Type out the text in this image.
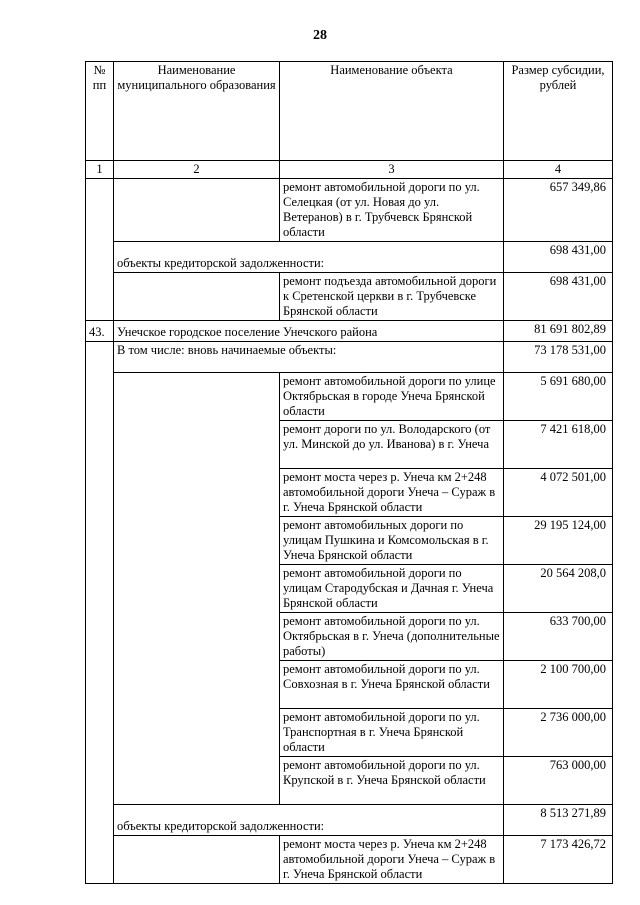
28
№ пп	Наименование муниципального образования	Наименование объекта	Размер субсидии, рублей
1	2	3	4
		ремонт автомобильной дороги по ул. Селецкая (от ул. Новая до ул. Ветеранов) в г. Трубчевск Брянской области	657 349,86
	объекты кредиторской задолженности:		698 431,00
		ремонт подъезда автомобильной дороги к Сретенской церкви в г. Трубчевске Брянской области	698 431,00
43.	Унечское городское поселение Унечского района		81 691 802,89
	В том числе: вновь начинаемые объекты:		73 178 531,00
		ремонт автомобильной дороги по улице Октябрьская в городе Унеча Брянской области	5 691 680,00
		ремонт дороги по ул. Володарского (от ул. Минской до ул. Иванова) в г. Унеча	7 421 618,00
		ремонт моста через р. Унеча км 2+248 автомобильной дороги Унеча – Сураж в г. Унеча Брянской области	4 072 501,00
		ремонт автомобильных дороги по улицам Пушкина и Комсомольская в г. Унеча Брянской области	29 195 124,00
		ремонт автомобильной дороги по улицам Стародубская и Дачная г. Унеча Брянской области	20 564 208,0
		ремонт автомобильной дороги по ул. Октябрьская в г. Унеча (дополнительные работы)	633 700,00
		ремонт автомобильной дороги по ул. Совхозная в г. Унеча Брянской области	2 100 700,00
		ремонт автомобильной дороги по ул. Транспортная в г. Унеча Брянской области	2 736 000,00
		ремонт автомобильной дороги по ул. Крупской в г. Унеча Брянской области	763 000,00
	объекты кредиторской задолженности:		8 513 271,89
		ремонт моста через р. Унеча км 2+248 автомобильной дороги Унеча – Сураж в г. Унеча Брянской области	7 173 426,72
